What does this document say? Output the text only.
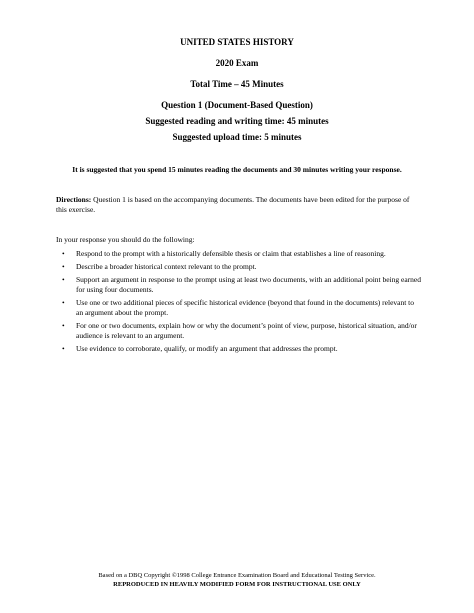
UNITED STATES HISTORY
2020 Exam
Total Time – 45 Minutes
Question 1 (Document-Based Question)
Suggested reading and writing time: 45 minutes
Suggested upload time: 5 minutes
It is suggested that you spend 15 minutes reading the documents and 30 minutes writing your response.
Directions: Question 1 is based on the accompanying documents. The documents have been edited for the purpose of this exercise.
In your response you should do the following:
• Respond to the prompt with a historically defensible thesis or claim that establishes a line of reasoning.
• Describe a broader historical context relevant to the prompt.
• Support an argument in response to the prompt using at least two documents, with an additional point being earned for using four documents.
• Use one or two additional pieces of specific historical evidence (beyond that found in the documents) relevant to an argument about the prompt.
• For one or two documents, explain how or why the document’s point of view, purpose, historical situation, and/or audience is relevant to an argument.
• Use evidence to corroborate, qualify, or modify an argument that addresses the prompt.
Based on a DBQ Copyright ©1998 College Entrance Examination Board and Educational Testing Service.
REPRODUCED IN HEAVILY MODIFIED FORM FOR INSTRUCTIONAL USE ONLY
